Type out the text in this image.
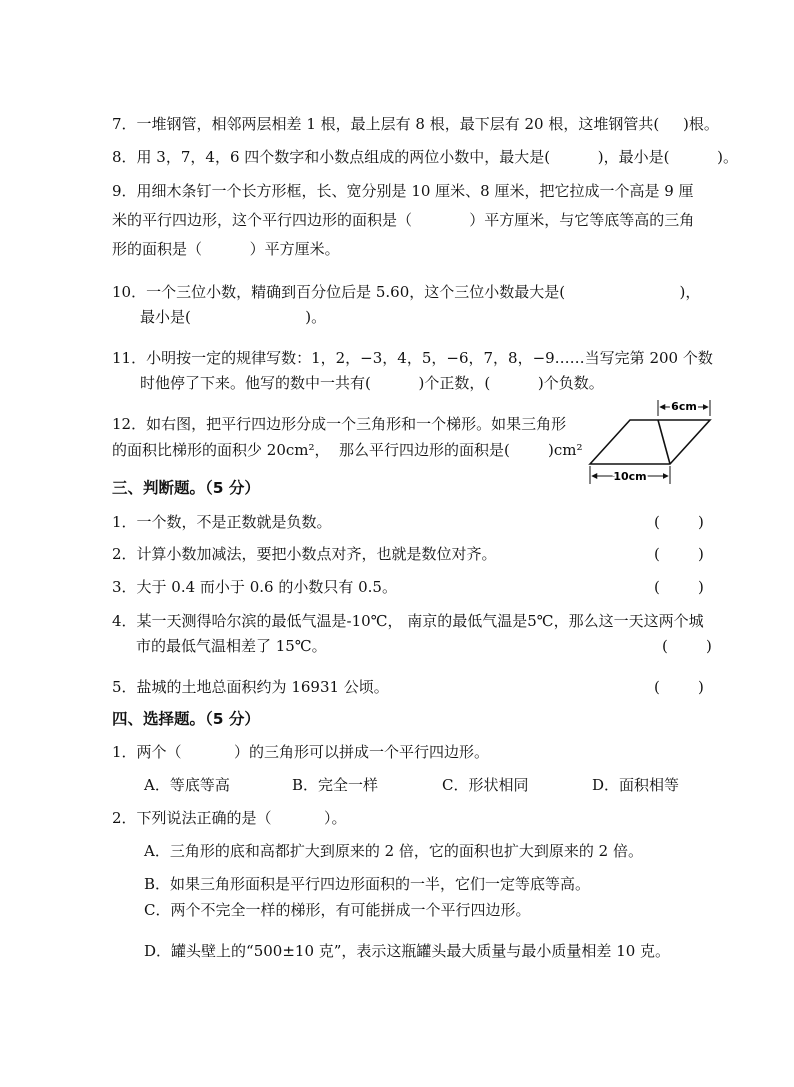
7．一堆钢管，相邻两层相差 1 根，最上层有 8 根，最下层有 20 根，这堆钢管共(     )根。
8．用 3，7，4，6 四个数字和小数点组成的两位小数中，最大是(          )，最小是(          )。
9．用细木条钉一个长方形框，长、宽分别是 10 厘米、8 厘米，把它拉成一个高是 9 厘
米的平行四边形，这个平行四边形的面积是（            ）平方厘米，与它等底等高的三角
形的面积是（          ）平方厘米。
10．一个三位小数，精确到百分位后是 5.60，这个三位小数最大是(                        )，
最小是(                        )。
11．小明按一定的规律写数：1，2，−3，4，5，−6，7，8，−9……当写完第 200 个数
时他停了下来。他写的数中一共有(          )个正数，(          )个负数。
12．如右图，把平行四边形分成一个三角形和一个梯形。如果三角形
的面积比梯形的面积少 20cm²，  那么平行四边形的面积是(        )cm²
6cm
10cm
三、判断题。（5 分）
1．一个数，不是正数就是负数。	(        )
2．计算小数加减法，要把小数点对齐，也就是数位对齐。	(        )
3．大于 0.4 而小于 0.6 的小数只有 0.5。	(        )
4．某一天测得哈尔滨的最低气温是-10℃， 南京的最低气温是5℃，那么这一天这两个城
市的最低气温相差了 15℃。	(        )
5．盐城的土地总面积约为 16931 公顷。	(        )
四、选择题。（5 分）
1．两个（           ）的三角形可以拼成一个平行四边形。
A．等底等高	B．完全一样	C．形状相同	D．面积相等
2．下列说法正确的是（           ）。
A．三角形的底和高都扩大到原来的 2 倍，它的面积也扩大到原来的 2 倍。
B．如果三角形面积是平行四边形面积的一半，它们一定等底等高。
C．两个不完全一样的梯形，有可能拼成一个平行四边形。
D．罐头壁上的“500±10 克”，表示这瓶罐头最大质量与最小质量相差 10 克。
